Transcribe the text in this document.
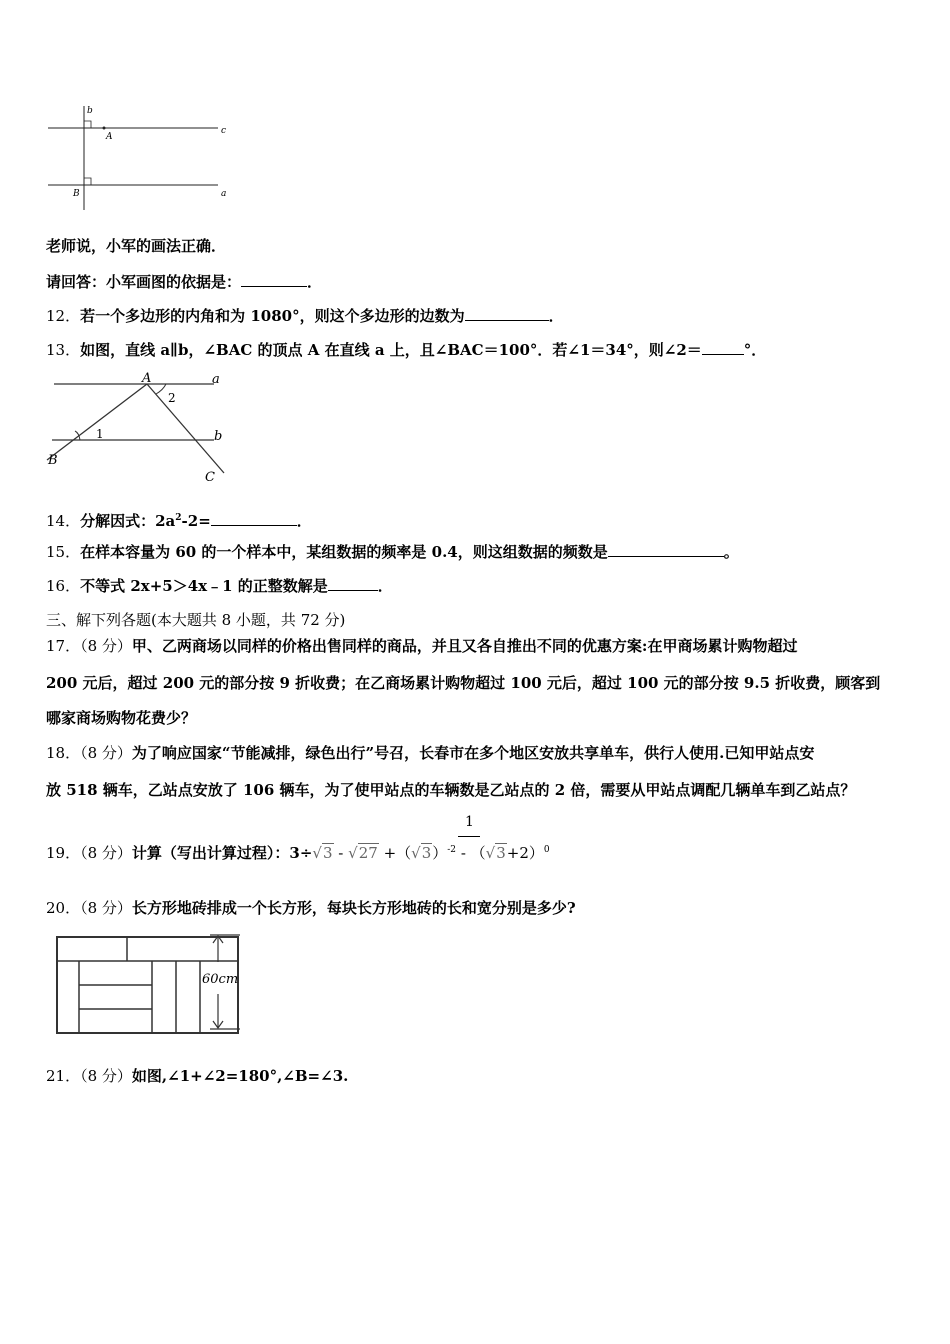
b
c
A
B	a
老师说，小军的画法正确．
请回答：小军画图的依据是：	．
12．若一个多边形的内角和为 1080°，则这个多边形的边数为	．
13．如图，直线 a∥b，∠BAC 的顶点 A 在直线 a 上，且∠BAC＝100°．若∠1＝34°，则∠2＝	°．
A	a
2
1	b
B
C
14．分解因式：$2a^2-2=$	．
15．在样本容量为 60 的一个样本中，某组数据的频率是 0.4，则这组数据的频数是	。
16．不等式 2x+5＞4x﹣1 的正整数解是	．
三、解下列各题(本大题共 8 小题，共 72 分)
17．（8 分）甲、乙两商场以同样的价格出售同样的商品，并且又各自推出不同的优惠方案:在甲商场累计购物超过
200 元后，超过 200 元的部分按 9 折收费；在乙商场累计购物超过 100 元后，超过 100 元的部分按 9.5 折收费，顾客到
哪家商场购物花费少？
18．（8 分）为了响应国家“节能减排，绿色出行”号召，长春市在多个地区安放共享单车，供行人使用.已知甲站点安
放 518 辆车，乙站点安放了 106 辆车，为了使甲站点的车辆数是乙站点的 2 倍，需要从甲站点调配几辆单车到乙站点？
1
19．（8 分）计算（写出计算过程）：$3\div√3 - √27 +(√3)^{-2} - (√3+2)^0$
20．（8 分）长方形地砖排成一个长方形，每块长方形地砖的长和宽分别是多少?
60cm
21．（8 分）如图,∠1+∠2=180°,∠B=∠3.
